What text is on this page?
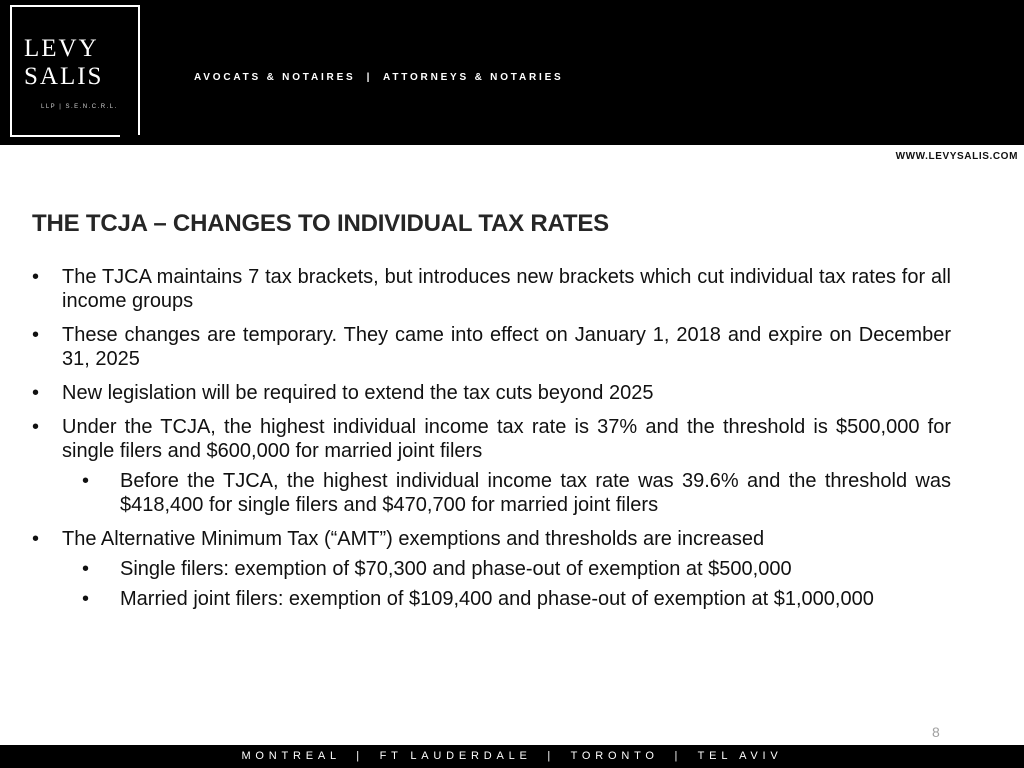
LEVY
SALIS
LLP | S.E.N.C.R.L.
AVOCATS & NOTAIRES  |  ATTORNEYS & NOTARIES
WWW.LEVYSALIS.COM
THE TCJA – CHANGES TO INDIVIDUAL TAX RATES

• The TJCA maintains 7 tax brackets, but introduces new brackets which cut individual tax rates for all income groups

• These changes are temporary. They came into effect on January 1, 2018 and expire on December 31, 2025

• New legislation will be required to extend the tax cuts beyond 2025

• Under the TCJA, the highest individual income tax rate is 37% and the threshold is $500,000 for single filers and $600,000 for married joint filers

• Before the TJCA, the highest individual income tax rate was 39.6% and the threshold was $418,400 for single filers and $470,700 for married joint filers

• The Alternative Minimum Tax (“AMT”) exemptions and thresholds are increased

• Single filers: exemption of $70,300 and phase-out of exemption at $500,000

• Married joint filers: exemption of $109,400 and phase-out of exemption at $1,000,000

8
MONTREAL  |  FT LAUDERDALE  |  TORONTO  |  TEL AVIV
